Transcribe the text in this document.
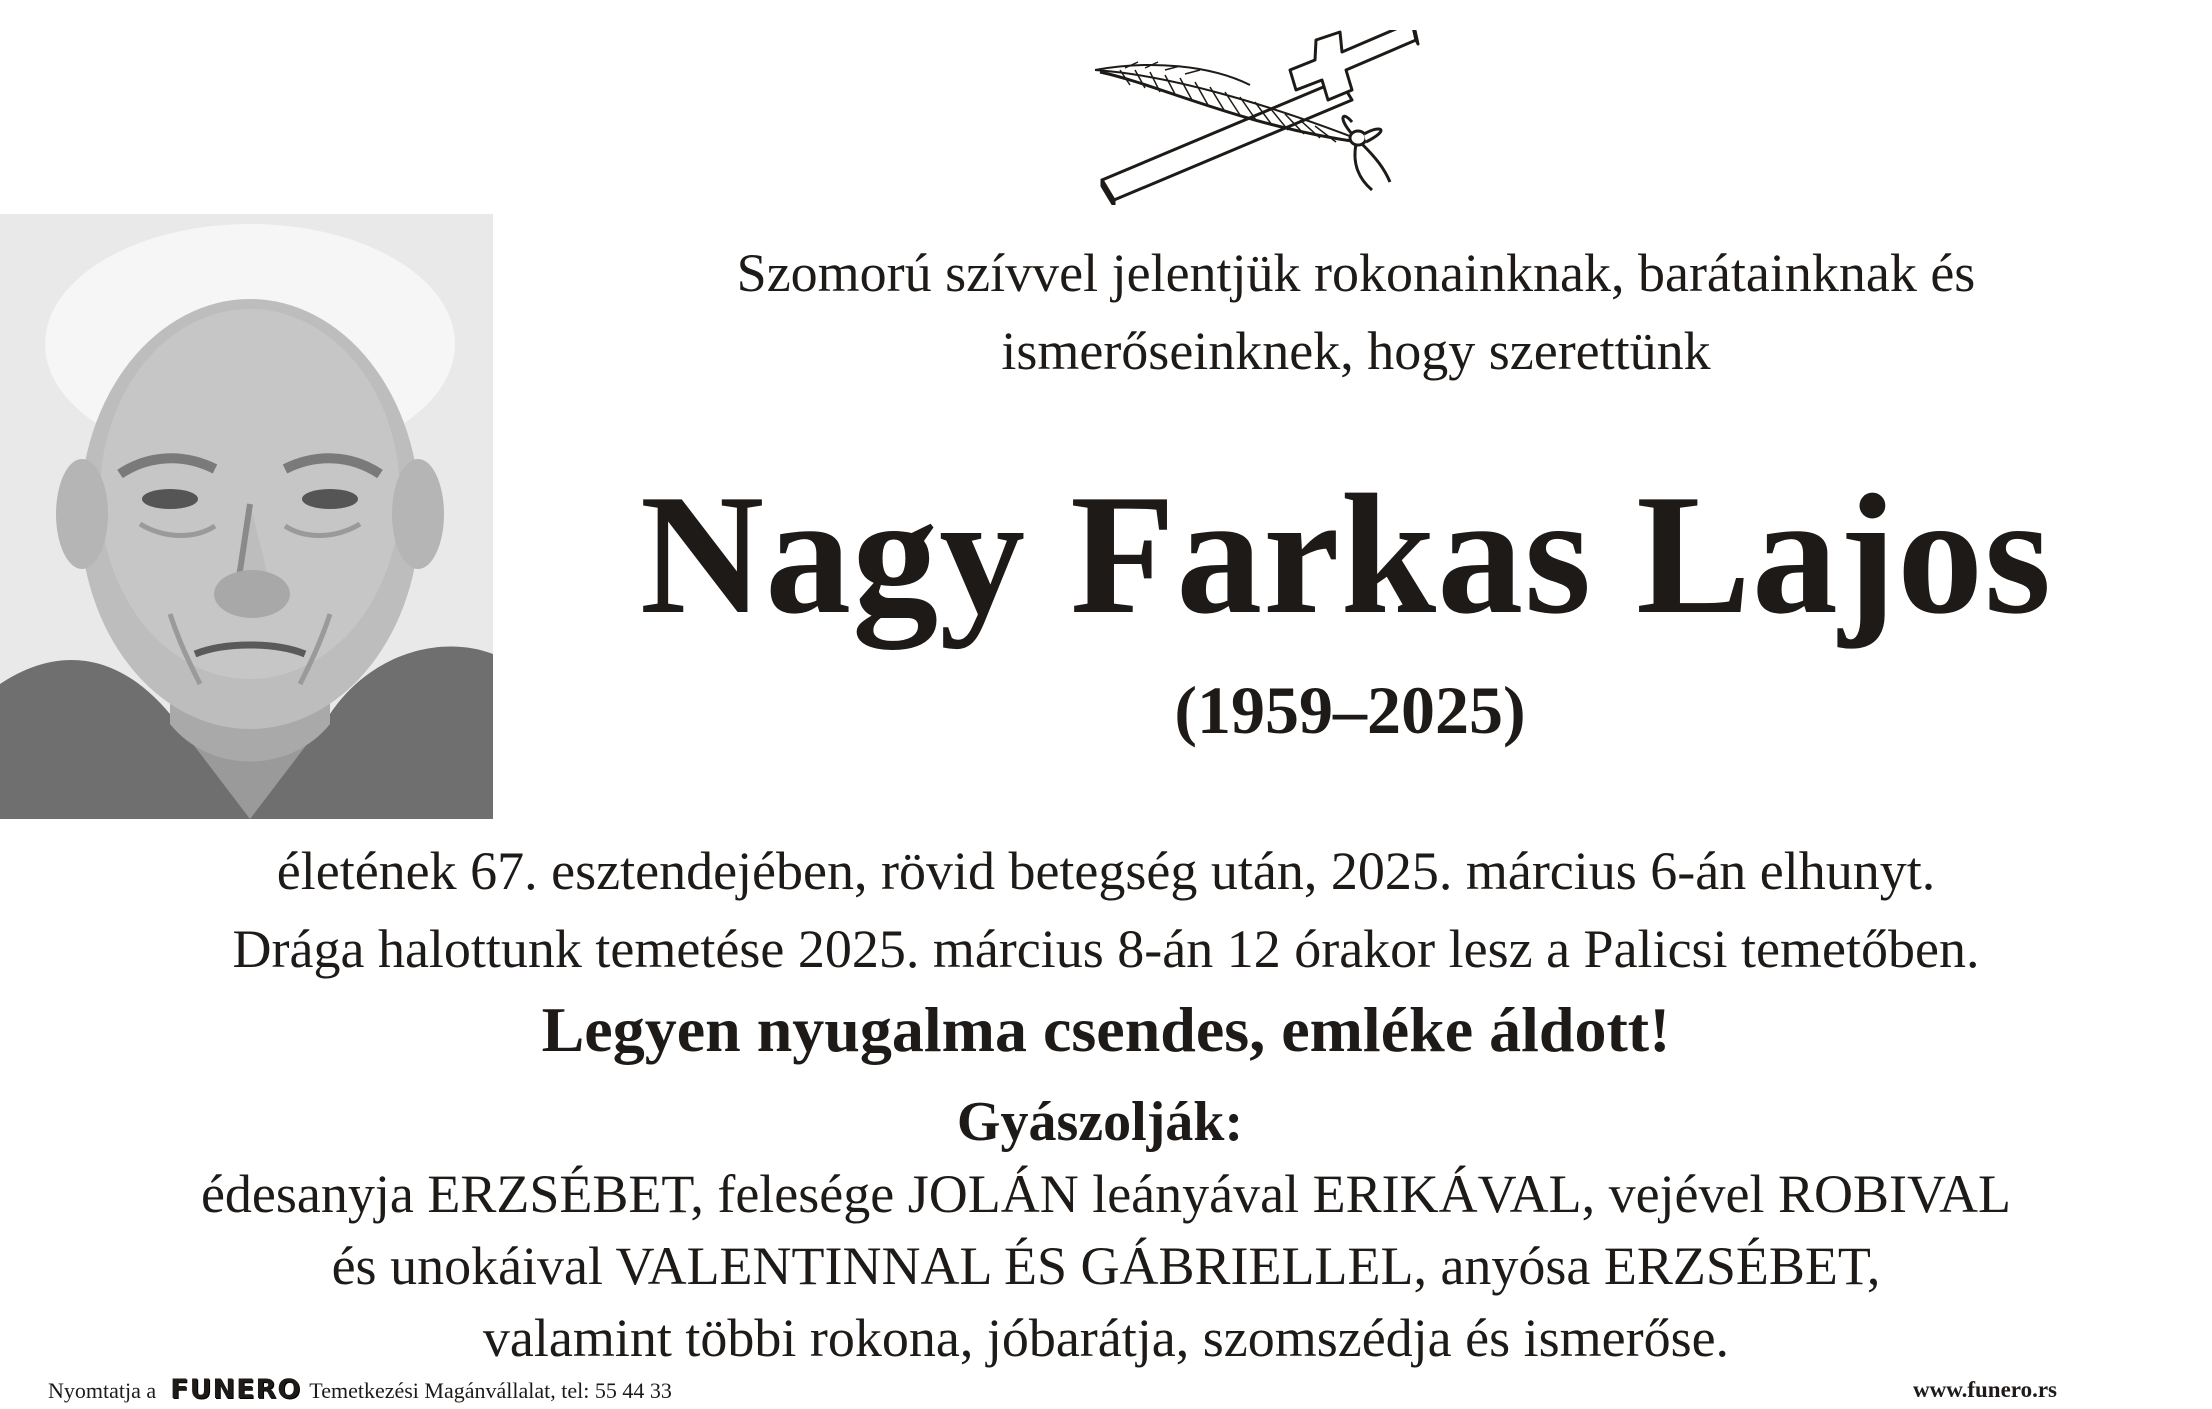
Szomorú szívvel jelentjük rokonainknak, barátainknak és
ismerőseinknek, hogy szerettünk
Nagy Farkas Lajos
(1959–2025)
életének 67. esztendejében, rövid betegség után, 2025. március 6-án elhunyt.
Drága halottunk temetése 2025. március 8-án 12 órakor lesz a Palicsi temetőben.
Legyen nyugalma csendes, emléke áldott!
Gyászolják:
édesanyja ERZSÉBET, felesége JOLÁN leányával ERIKÁVAL, vejével ROBIVAL
és unokáival VALENTINNAL ÉS GÁBRIELLEL, anyósa ERZSÉBET,
valamint többi rokona, jóbarátja, szomszédja és ismerőse.
Nyomtatja a FUNERO Temetkezési Magánvállalat, tel: 55 44 33	www.funero.rs
